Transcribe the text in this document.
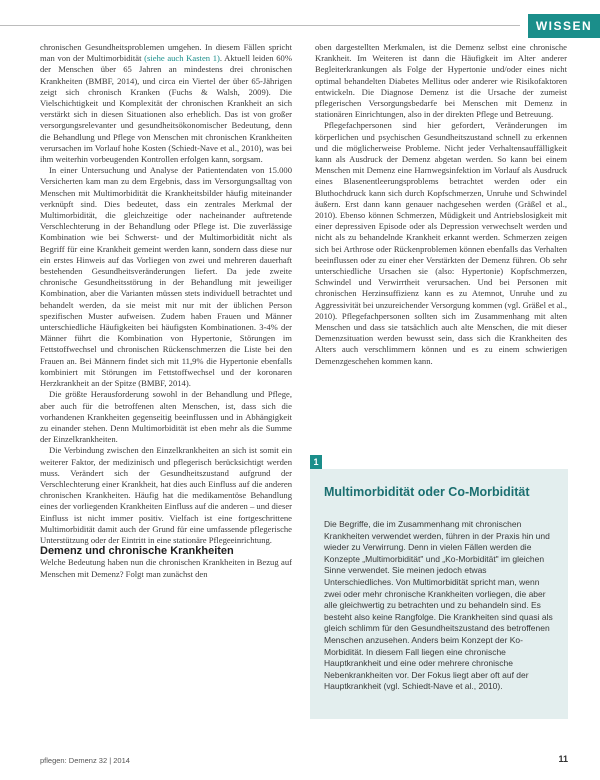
WISSEN

chronischen Gesundheitsproblemen umgehen. In diesem Fällen spricht man von der Multimorbidität (siehe auch Kasten 1). Aktuell leiden 60% der Menschen über 65 Jahren an mindestens drei chronischen Krankheiten (BMBF, 2014), und circa ein Viertel der über 65-Jährigen zeigt sich chronisch Kranken (Fuchs & Walsh, 2009). Die Vielschichtigkeit und Komplexität der chronischen Krankheit an sich verstärkt sich in diesen Situationen also erheblich. Das ist von großer versorgungsrelevanter und gesundheitsökonomischer Bedeutung, denn die Behandlung und Pflege von Menschen mit chronischen Krankheiten verursachen im Vorlauf hohe Kosten (Schiedt-Nave et al., 2010), was bei ihm weiterhin vorbeugenden Kontrollen erfolgen kann, sorgsam.

In einer Untersuchung und Analyse der Patientendaten von 15.000 Versicherten kam man zu dem Ergebnis, dass im Versorgungsalltag von Menschen mit Multimorbidität die Krankheitsbilder häufig miteinander verknüpft sind. Dies bedeutet, dass ein zentrales Merkmal der Multimorbidität, die gleichzeitige oder nacheinander auftretende Verschlechterung in der Behandlung oder Pflege ist. Die zuverlässige Kombination wie bei Schwerst- und der Multimorbidität nicht als Begriff für eine Krankheit gemeint werden kann, sondern dass diese nur ein erstes Hinweis auf das Vorliegen von zwei und mehreren dauerhaft bestehenden Gesundheitsveränderungen liefert. Da jede zweite chronische Gesundheitsstörung in der Behandlung mit jeweiliger Kombination, aber die Varianten müssen stets individuell betrachtet und behandelt werden, da sie meist mit nur mit der üblichen Person spezifischen Muster aufweisen. Zudem haben Frauen und Männer unterschiedliche Häufigkeiten bei häufigsten Kombinationen. 3-4% der Männer führt die Kombination von Hypertonie, Störungen im Fettstoffwechsel und chronischen Rückenschmerzen die Liste bei den Frauen an. Bei Männern findet sich mit 11,9% die Hypertonie ebenfalls kombiniert mit Störungen im Fettstoffwechsel und der koronaren Herzkrankheit an der Spitze (BMBF, 2014).

Die größte Herausforderung sowohl in der Behandlung und Pflege, aber auch für die betroffenen alten Menschen, ist, dass sich die vorhandenen Krankheiten gegenseitig beeinflussen und in Abhängigkeit zu einander stehen. Denn Multimorbidität ist eben mehr als die Summe der Einzelkrankheiten.

Die Verbindung zwischen den Einzelkrankheiten an sich ist somit ein weiterer Faktor, der medizinisch und pflegerisch berücksichtigt werden muss. Verändert sich der Gesundheitszustand aufgrund der Verschlechterung einer Krankheit, hat dies auch Einfluss auf die anderen chronischen Krankheiten. Häufig hat die medikamentöse Behandlung eines der vorliegenden Krankheiten Einfluss auf die anderen – und dieser Einfluss ist nicht immer positiv. Vielfach ist eine fortgeschrittene Multimorbidität damit auch der Grund für eine umfassende pflegerische Unterstützung oder der Eintritt in eine stationäre Pflegeeinrichtung.

Demenz und chronische Krankheiten

Welche Bedeutung haben nun die chronischen Krankheiten in Bezug auf Menschen mit Demenz? Folgt man zunächst den

oben dargestellten Merkmalen, ist die Demenz selbst eine chronische Krankheit. Im Weiteren ist dann die Häufigkeit im Alter anderer Begleiterkrankungen als Folge der Hypertonie und/oder eines nicht optimal behandelten Diabetes Mellitus oder anderer wie Risikofaktoren entwickeln. Die Diagnose Demenz ist die Ursache der zumeist pflegerischen Versorgungsbedarfe bei Menschen mit Demenz in stationären Einrichtungen, also in der direkten Pflege und Betreuung.

Pflegefachpersonen sind hier gefordert, Veränderungen im körperlichen und psychischen Gesundheitszustand schnell zu erkennen und die möglicherweise Probleme. Nicht jeder Verhaltensauffälligkeit kann als Ausdruck der Demenz abgetan werden. So kann bei einem Menschen mit Demenz eine Harnwegsinfektion im Vorlauf als Ausdruck eines Blasenentleerungsproblems betrachtet werden oder ein Bluthochdruck kann sich durch Kopfschmerzen, Unruhe und Schwindel äußern. Erst dann kann genauer nachgesehen werden (Gräßel et al., 2010). Ebenso können Schmerzen, Müdigkeit und Antriebslosigkeit mit einer depressiven Episode oder als Depression verwechselt werden und nicht als zu behandelnde Krankheit erkannt werden. Schmerzen zeigen sich bei Arthrose oder Rückenproblemen können ebenfalls das Verhalten beeinflussen oder zu einer eher Verstärkten der Demenz führen. Ob sehr unterschiedliche Ursachen sie (also: Hypertonie) Kopfschmerzen, Schwindel und Verwirrtheit verursachen. Und bei Personen mit chronischen Herzinsuffizienz kann es zu Atemnot, Unruhe und zu Aggressivität bei unzureichender Versorgung kommen (vgl. Gräßel et al., 2010). Pflegefachpersonen sollten sich im Zusammenhang mit alten Menschen und dass sie tatsächlich auch alte Menschen, die mit dieser Demenzsituation werden bewusst sein, dass sich die Krankheiten des Alters auch verschlimmern können und es zu einem schwierigen Demenzgeschehen kommen kann.

1
Multimorbidität oder Co-Morbidität
Die Begriffe, die im Zusammenhang mit chronischen Krankheiten verwendet werden, führen in der Praxis hin und wieder zu Verwirrung. Denn in vielen Fällen werden die Konzepte „Multimorbidität" und „Ko-Morbidität" im gleichen Sinne verwendet. Sie meinen jedoch etwas Unterschiedliches. Von Multimorbidität spricht man, wenn zwei oder mehr chronische Krankheiten vorliegen, die aber alle gleichwertig zu betrachten und zu behandeln sind. Es besteht also keine Rangfolge. Die Krankheiten sind quasi als gleich schlimm für den Gesundheitszustand des betroffenen Menschen anzusehen. Anders beim Konzept der Ko-Morbidität. In diesem Fall liegen eine chronische Hauptkrankheit und eine oder mehrere chronische Nebenkrankheiten vor. Der Fokus liegt aber oft auf der Hauptkrankheit (vgl. Schiedt-Nave et al., 2010).
pflegen: Demenz 32 | 2014	11
